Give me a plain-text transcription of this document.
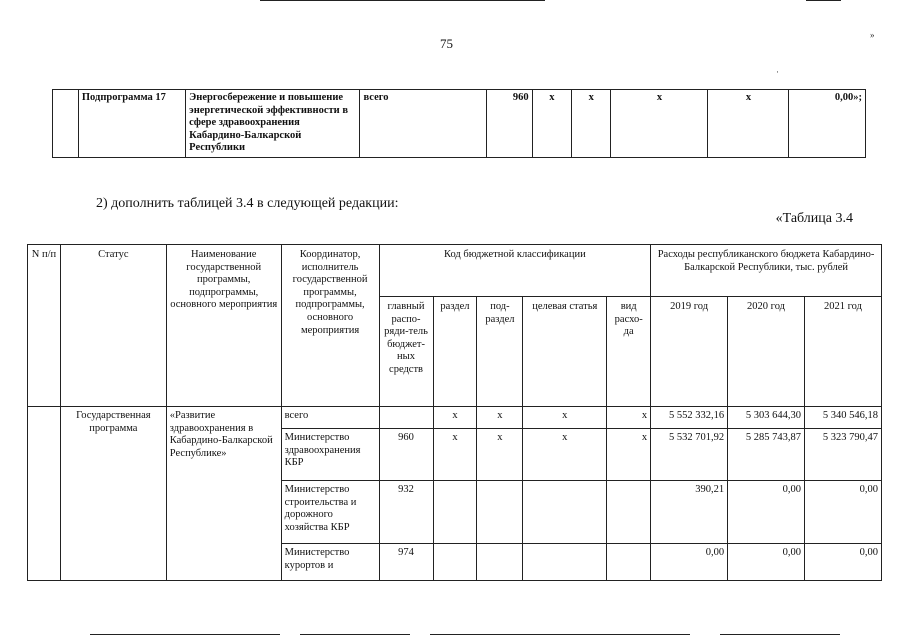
75
»
·
	Подпрограмма 17	Энергосбережение и повышение энергетической эффективности в сфере здравоохранения Кабардино-Балкарской Республики	всего	960	х	х	х	х	0,00»;
2) дополнить таблицей 3.4 в следующей редакции:
«Таблица 3.4
N п/п	Статус	Наименование государственной программы, подпрограммы, основного мероприятия	Координатор, исполнитель государственной программы, подпрограммы, основного мероприятия	Код бюджетной классификации					Расходы республиканского бюджета Кабардино-Балкарской Республики, тыс. рублей		
				главный распо-ряди-тель бюджет-ных средств	раздел	под-раздел	целевая статья	вид расхо-да	2019 год	2020 год	2021 год
	Государственная программа	«Развитие здравоохранения в Кабардино-Балкарской Республике»	всего		х	х	х	х	5 552 332,16	5 303 644,30	5 340 546,18
			Министерство здравоохранения КБР	960	х	х	х	х	5 532 701,92	5 285 743,87	5 323 790,47
			Министерство строительства и дорожного хозяйства КБР	932					390,21	0,00	0,00
			Министерство курортов и	974					0,00	0,00	0,00
